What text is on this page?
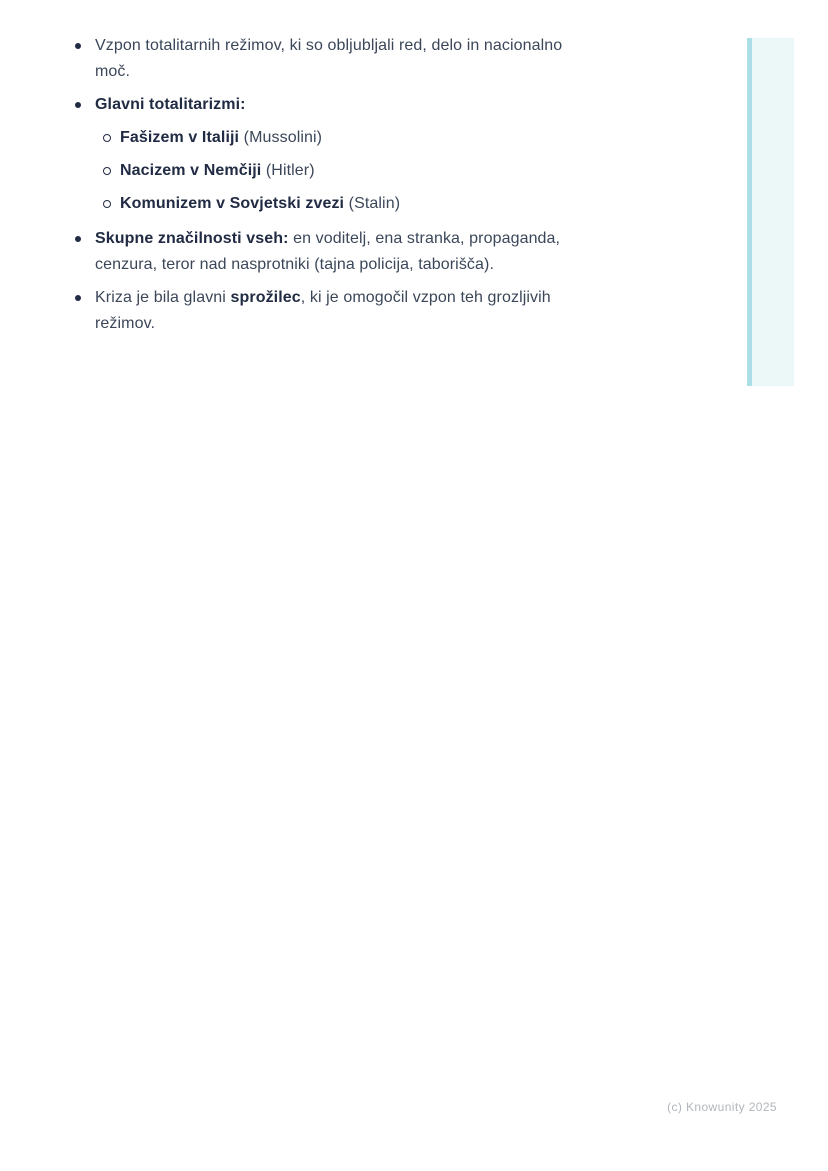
Vzpon totalitarnih režimov, ki so obljubljali red, delo in nacionalno moč.
Glavni totalitarizmi:
Fašizem v Italiji (Mussolini)
Nacizem v Nemčiji (Hitler)
Komunizem v Sovjetski zvezi (Stalin)
Skupne značilnosti vseh: en voditelj, ena stranka, propaganda, cenzura, teror nad nasprotniki (tajna policija, taborišča).
Kriza je bila glavni sprožilec, ki je omogočil vzpon teh grozljivih režimov.
(c) Knowunity 2025
